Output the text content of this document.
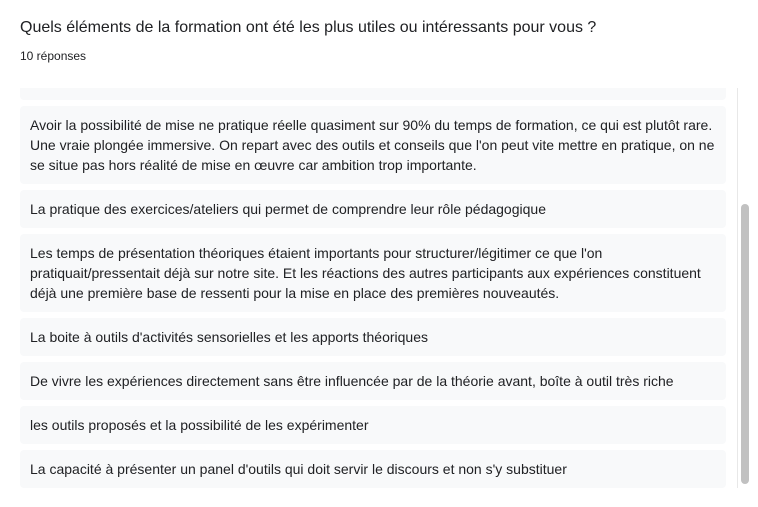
Quels éléments de la formation ont été les plus utiles ou intéressants pour vous ?
10 réponses
Avoir la possibilité de mise ne pratique réelle quasiment sur 90% du temps de formation, ce qui est plutôt rare. Une vraie plongée immersive. On repart avec des outils et conseils que l'on peut vite mettre en pratique, on ne se situe pas hors réalité de mise en œuvre car ambition trop importante.
La pratique des exercices/ateliers qui permet de comprendre leur rôle pédagogique
Les temps de présentation théoriques étaient importants pour structurer/légitimer ce que l'on pratiquait/pressentait déjà sur notre site. Et les réactions des autres participants aux expériences constituent déjà une première base de ressenti pour la mise en place des premières nouveautés.
La boite à outils d'activités sensorielles et les apports théoriques
De vivre les expériences directement sans être influencée par de la théorie avant, boîte à outil très riche
les outils proposés et la possibilité de les expérimenter
La capacité à présenter un panel d'outils qui doit servir le discours et non s'y substituer
